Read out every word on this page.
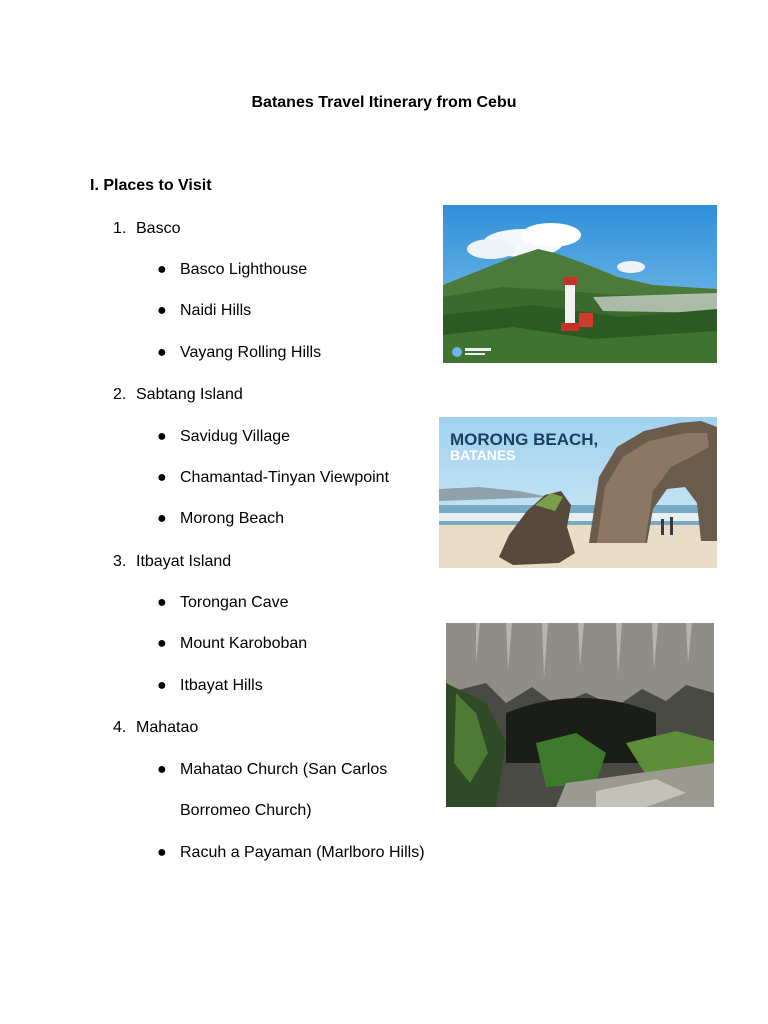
Batanes Travel Itinerary from Cebu
I. Places to Visit
1. Basco
● Basco Lighthouse
● Naidi Hills
● Vayang Rolling Hills
2. Sabtang Island
● Savidug Village
● Chamantad-Tinyan Viewpoint
● Morong Beach
3. Itbayat Island
● Torongan Cave
● Mount Karoboban
● Itbayat Hills
4. Mahatao
● Mahatao Church (San Carlos
Borromeo Church)
● Racuh a Payaman (Marlboro Hills)
MORONG BEACH,
BATANES
